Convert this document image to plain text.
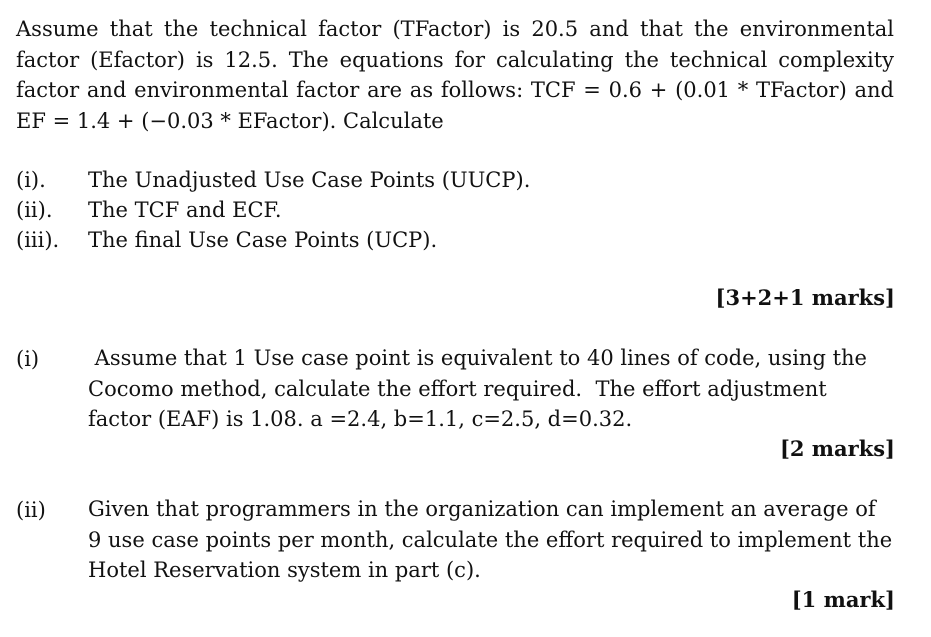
Assume that the technical factor (TFactor) is 20.5 and that the environmental
factor (Efactor) is 12.5. The equations for calculating the technical complexity
factor and environmental factor are as follows: TCF = 0.6 + (0.01 * TFactor) and
EF = 1.4 + (−0.03 * EFactor). Calculate
(i). The Unadjusted Use Case Points (UUCP).
(ii). The TCF and ECF.
(iii). The final Use Case Points (UCP).
[3+2+1 marks]
(i) Assume that 1 Use case point is equivalent to 40 lines of code, using the
Cocomo method, calculate the effort required.  The effort adjustment
factor (EAF) is 1.08. a =2.4, b=1.1, c=2.5, d=0.32.
[2 marks]
(ii) Given that programmers in the organization can implement an average of
9 use case points per month, calculate the effort required to implement the
Hotel Reservation system in part (c).
[1 mark]
